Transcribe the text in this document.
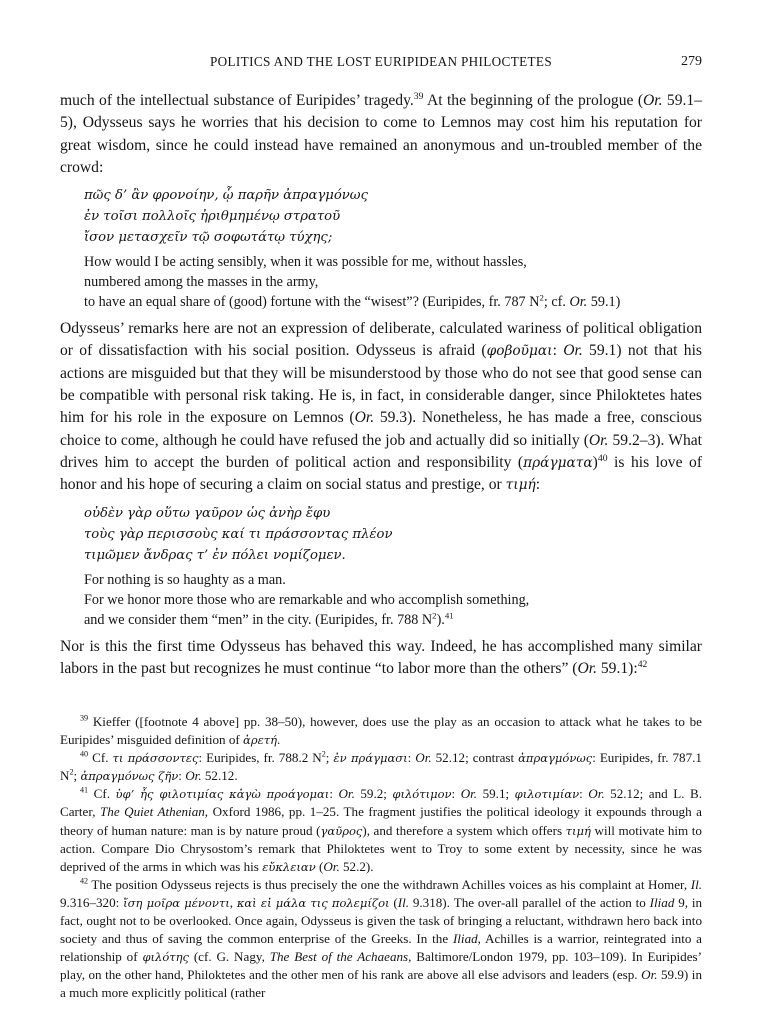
POLITICS AND THE LOST EURIPIDEAN PHILOCTETES	279

much of the intellectual substance of Euripides’ tragedy.$^{39}$ At the beginning of the prologue (Or. 59.1–5), Odysseus says he worries that his decision to come to Lemnos may cost him his reputation for great wisdom, since he could instead have remained an anonymous and un-troubled member of the crowd:

πῶς δ’ ἂν φρονοίην, ᾧ παρῆν ἀπραγμόνως
ἐν τοῖσι πολλοῖς ἠριθμημένῳ στρατοῦ
ἴσον μετασχεῖν τῷ σοφωτάτῳ τύχης;
How would I be acting sensibly, when it was possible for me, without hassles,
numbered among the masses in the army,
to have an equal share of (good) fortune with the “wisest”? (Euripides, fr. 787 $N^2$; cf. Or. 59.1)

Odysseus’ remarks here are not an expression of deliberate, calculated wariness of political obligation or of dissatisfaction with his social position. Odysseus is afraid (φοβοῦμαι: Or. 59.1) not that his actions are misguided but that they will be misunderstood by those who do not see that good sense can be compatible with personal risk taking. He is, in fact, in considerable danger, since Philoktetes hates him for his role in the exposure on Lemnos (Or. 59.3). Nonetheless, he has made a free, conscious choice to come, although he could have refused the job and actually did so initially (Or. 59.2–3). What drives him to accept the burden of political action and responsibility $(\pi\rho ά\gamma\mu\alpha\tau\alpha)^{40}$ is his love of honor and his hope of securing a claim on social status and prestige, or τιμή:

οὐδὲν γὰρ οὕτω γαῦρον ὡς ἀνὴρ ἔφυ
τοὺς γὰρ περισσοὺς καί τι πράσσοντας πλέον
τιμῶμεν ἄνδρας τ’ ἐν πόλει νομίζομεν.
For nothing is so haughty as a man.
For we honor more those who are remarkable and who accomplish something,
and we consider them “men” in the city. (Euripides, fr. 788 $N^2).^{41}$

Nor is this the first time Odysseus has behaved this way. Indeed, he has accomplished many similar labors in the past but recognizes he must continue “to labor more than the others” (Or. 59.1):$^{42}$

$^{39}$ Kieffer ([footnote 4 above] pp. 38–50), however, does use the play as an occasion to attack what he takes to be Euripides’ misguided definition of ἀρετή.

$^{40}$ Cf. τι πράσσοντες: Euripides, fr. 788.2 $N^2$; ἐν πράγμασι: Or. 52.12; contrast ἀπραγμόνως: Euripides, fr. 787.1 $N^2$; ἀπραγμόνως ζῆν: Or. 52.12.

$^{41}$ Cf. ὑφ’ ἧς φιλοτιμίας κἀγὼ προάγομαι: Or. 59.2; φιλότιμον: Or. 59.1; φιλοτιμίαν: Or. 52.12; and L. B. Carter, The Quiet Athenian, Oxford 1986, pp. 1–25. The fragment justifies the political ideology it expounds through a theory of human nature: man is by nature proud (γαῦρος), and therefore a system which offers τιμή will motivate him to action. Compare Dio Chrysostom’s remark that Philoktetes went to Troy to some extent by necessity, since he was deprived of the arms in which was his εὔκλειαν (Or. 52.2).

$^{42}$ The position Odysseus rejects is thus precisely the one the withdrawn Achilles voices as his complaint at Homer, Il. 9.316–320: ἴση μοῖρα μένοντι, καὶ εἰ μάλα τις πολεμίζοι (Il. 9.318). The over-all parallel of the action to Iliad 9, in fact, ought not to be overlooked. Once again, Odysseus is given the task of bringing a reluctant, withdrawn hero back into society and thus of saving the common enterprise of the Greeks. In the Iliad, Achilles is a warrior, reintegrated into a relationship of φιλότης (cf. G. Nagy, The Best of the Achaeans, Baltimore/London 1979, pp. 103–109). In Euripides’ play, on the other hand, Philoktetes and the other men of his rank are above all else advisors and leaders (esp. Or. 59.9) in a much more explicitly political (rather
